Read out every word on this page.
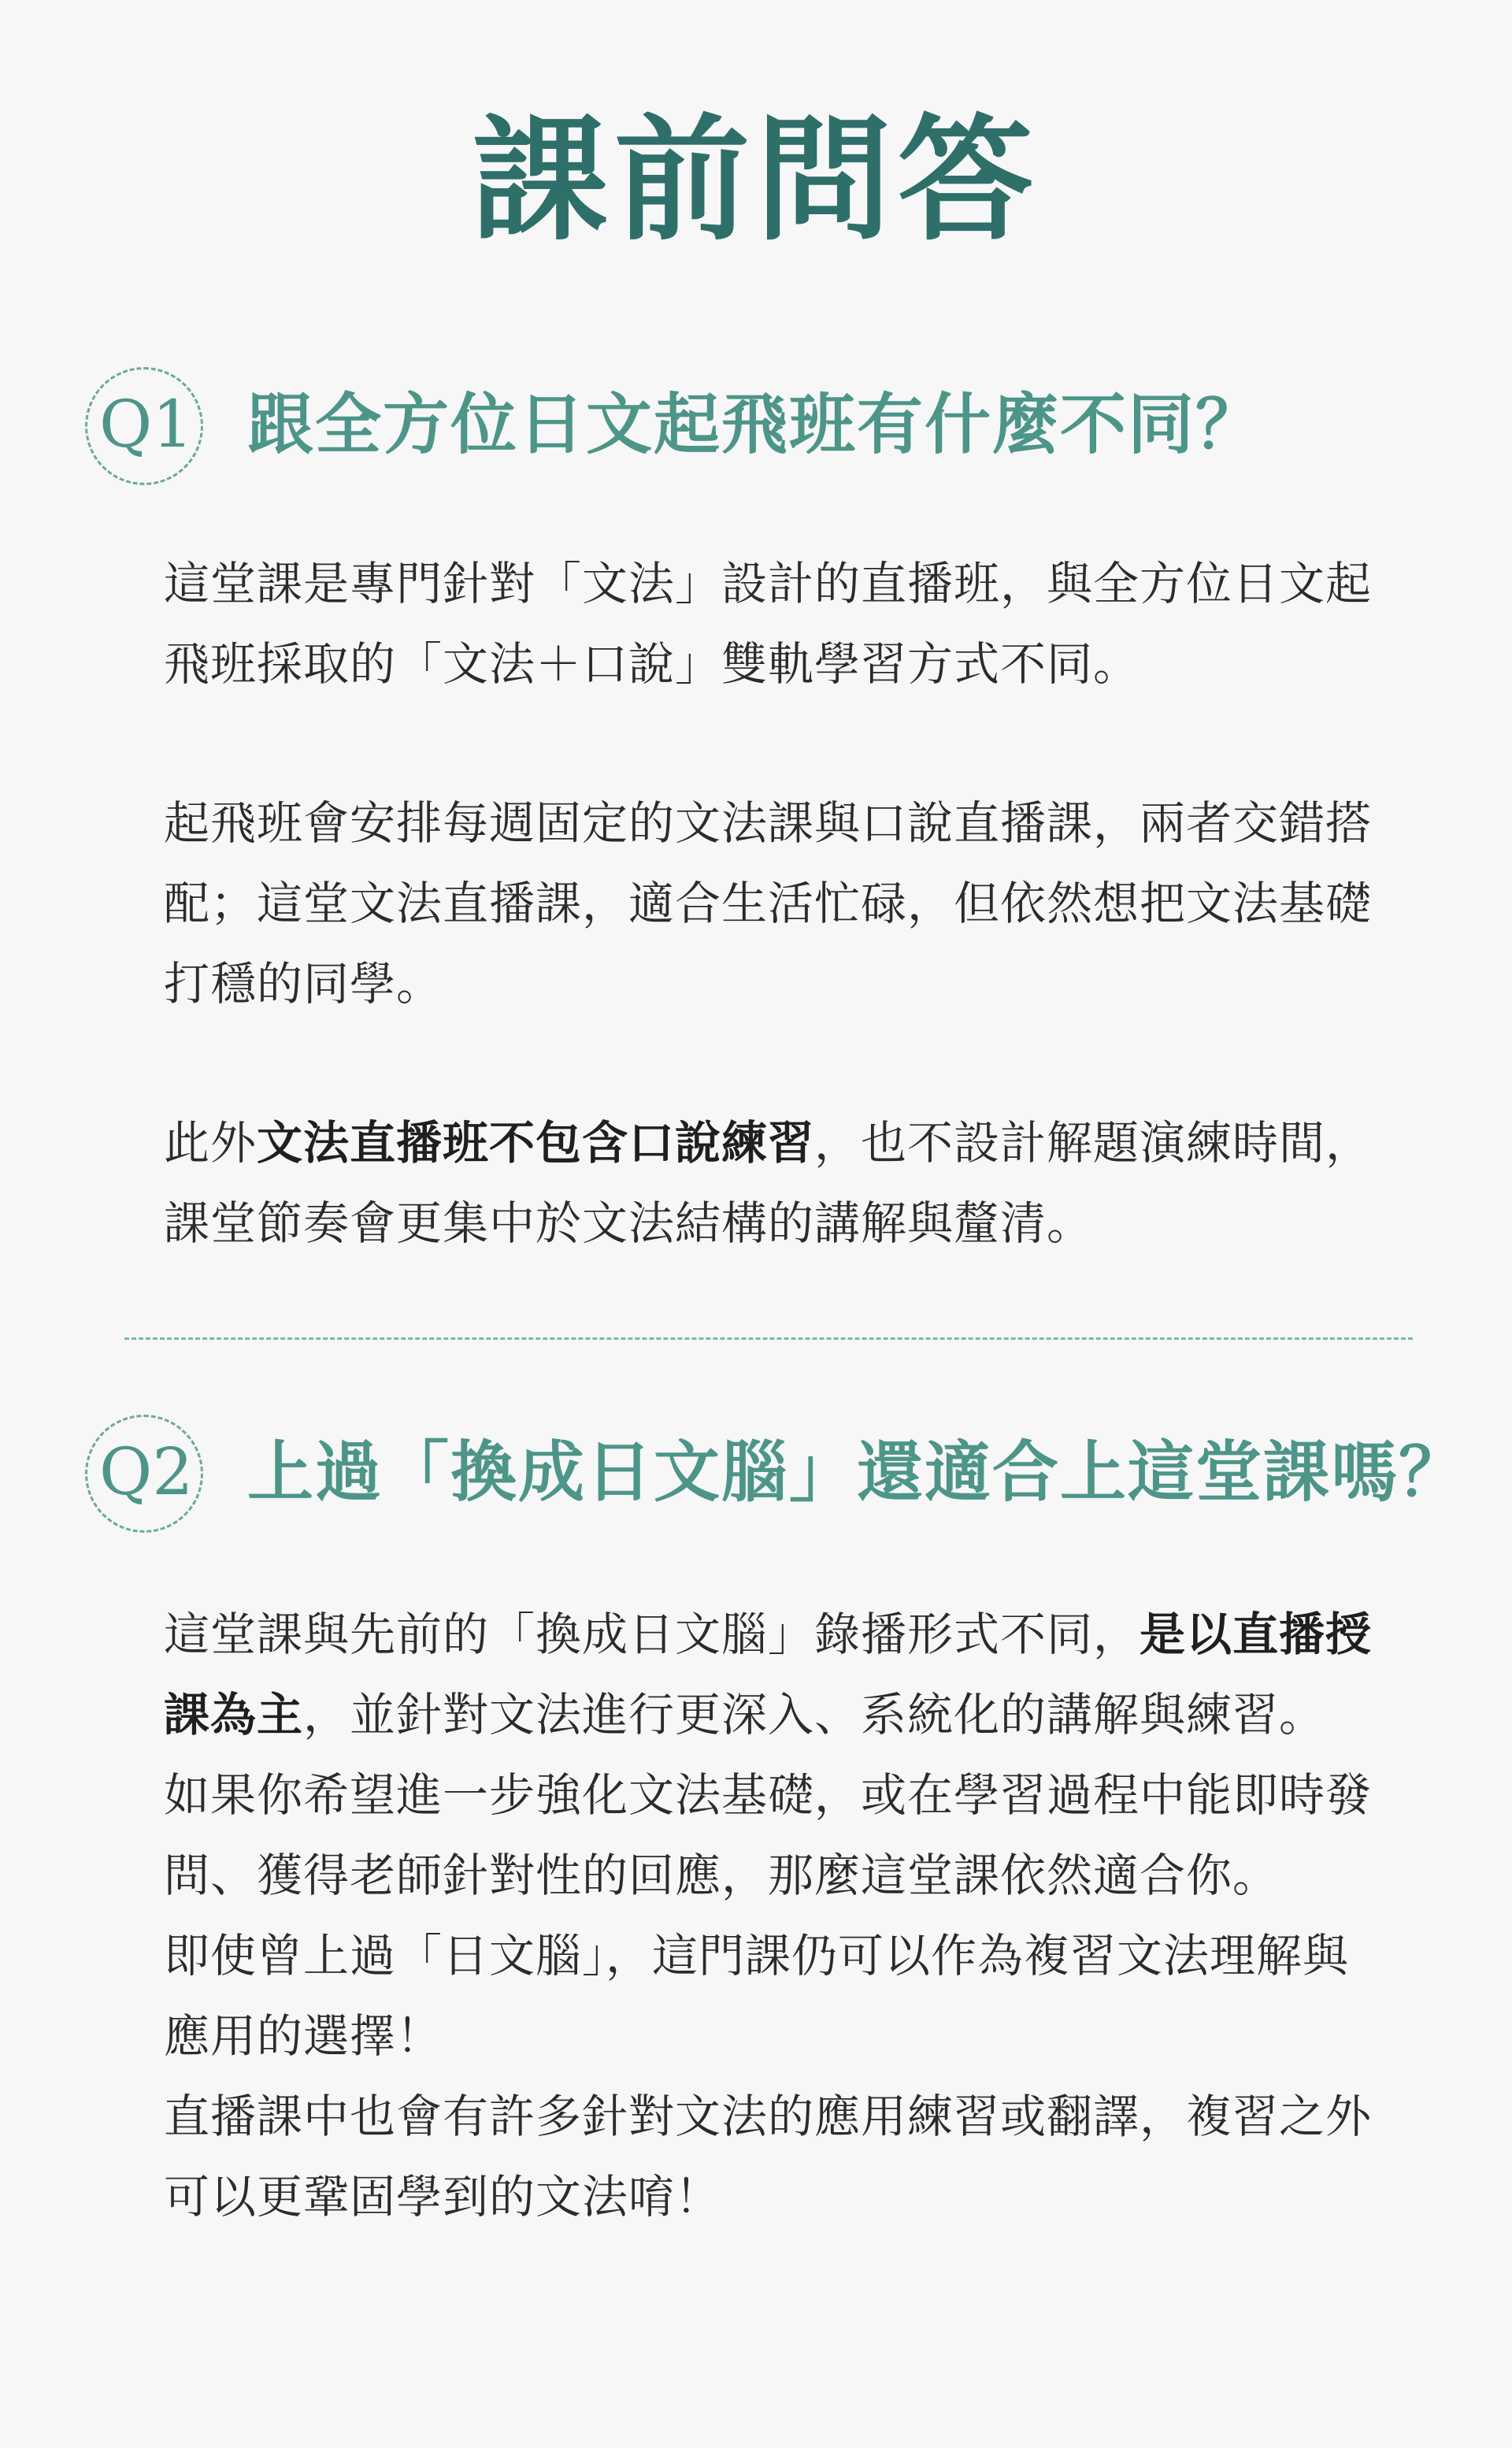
課前問答
Q1 跟全方位日文起飛班有什麼不同？

這堂課是專門針對「文法」設計的直播班，與全方位日文起飛班採取的「文法＋口說」雙軌學習方式不同。

起飛班會安排每週固定的文法課與口說直播課，兩者交錯搭配；這堂文法直播課，適合生活忙碌，但依然想把文法基礎打穩的同學。

此外文法直播班不包含口說練習，也不設計解題演練時間，課堂節奏會更集中於文法結構的講解與釐清。

Q2 上過「換成日文腦」還適合上這堂課嗎？

這堂課與先前的「換成日文腦」錄播形式不同，是以直播授課為主，並針對文法進行更深入、系統化的講解與練習。

如果你希望進一步強化文法基礎，或在學習過程中能即時發問、獲得老師針對性的回應，那麼這堂課依然適合你。

即使曾上過「日文腦」，這門課仍可以作為複習文法理解與應用的選擇！

直播課中也會有許多針對文法的應用練習或翻譯，複習之外可以更鞏固學到的文法唷！
